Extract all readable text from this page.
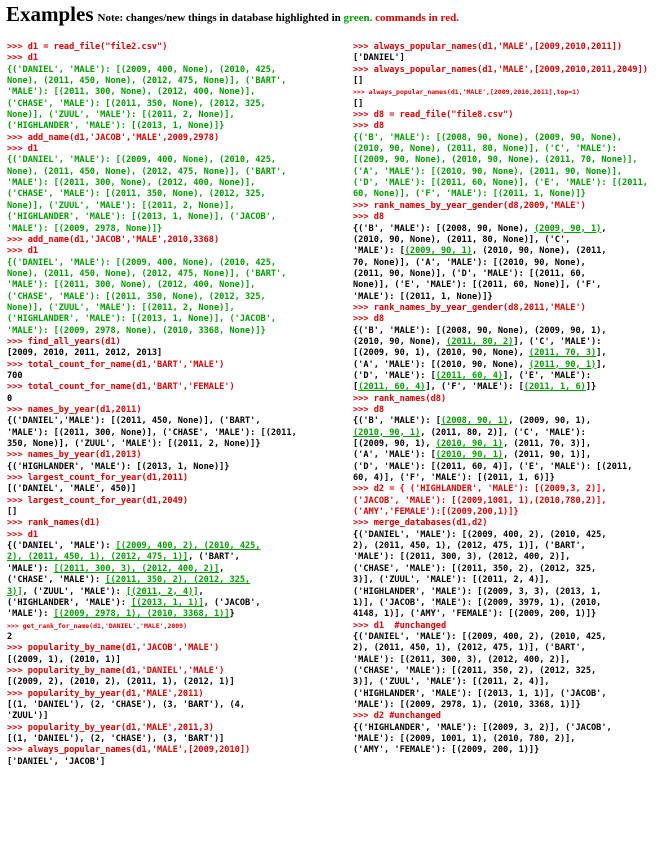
Examples Note: changes/new things in database highlighted in green. commands in red.
>>> d1 = read_file("file2.csv")
>>> d1
{('DANIEL', 'MALE'): [(2009, 400, None), (2010, 425,
None), (2011, 450, None), (2012, 475, None)], ('BART',
'MALE'): [(2011, 300, None), (2012, 400, None)],
('CHASE', 'MALE'): [(2011, 350, None), (2012, 325,
None)], ('ZUUL', 'MALE'): [(2011, 2, None)],
('HIGHLANDER', 'MALE'): [(2013, 1, None)]}
>>> add_name(d1,'JACOB','MALE',2009,2978)
>>> d1
{('DANIEL', 'MALE'): [(2009, 400, None), (2010, 425,
None), (2011, 450, None), (2012, 475, None)], ('BART',
'MALE'): [(2011, 300, None), (2012, 400, None)],
('CHASE', 'MALE'): [(2011, 350, None), (2012, 325,
None)], ('ZUUL', 'MALE'): [(2011, 2, None)],
('HIGHLANDER', 'MALE'): [(2013, 1, None)], ('JACOB',
'MALE'): [(2009, 2978, None)]}
>>> add_name(d1,'JACOB','MALE',2010,3368)
>>> d1
{('DANIEL', 'MALE'): [(2009, 400, None), (2010, 425,
None), (2011, 450, None), (2012, 475, None)], ('BART',
'MALE'): [(2011, 300, None), (2012, 400, None)],
('CHASE', 'MALE'): [(2011, 350, None), (2012, 325,
None)], ('ZUUL', 'MALE'): [(2011, 2, None)],
('HIGHLANDER', 'MALE'): [(2013, 1, None)], ('JACOB',
'MALE'): [(2009, 2978, None), (2010, 3368, None)]}
>>> find_all_years(d1)
[2009, 2010, 2011, 2012, 2013]
>>> total_count_for_name(d1,'BART','MALE')
700
>>> total_count_for_name(d1,'BART','FEMALE')
0
>>> names_by_year(d1,2011)
{('DANIEL','MALE'): [(2011, 450, None)], ('BART',
'MALE'): [(2011, 300, None)], ('CHASE', 'MALE'): [(2011,
350, None)], ('ZUUL', 'MALE'): [(2011, 2, None)]}
>>> names_by_year(d1,2013)
{('HIGHLANDER', 'MALE'): [(2013, 1, None)]}
>>> largest_count_for_year(d1,2011)
[('DANIEL', 'MALE', 450)]
>>> largest_count_for_year(d1,2049)
[]
>>> rank_names(d1)
>>> d1
{('DANIEL', 'MALE'): [(2009, 400, 2), (2010, 425,
2), (2011, 450, 1), (2012, 475, 1)], ('BART',
'MALE'): [(2011, 300, 3), (2012, 400, 2)],
('CHASE', 'MALE'): [(2011, 350, 2), (2012, 325,
3)], ('ZUUL', 'MALE'): [(2011, 2, 4)],
('HIGHLANDER', 'MALE'): [(2013, 1, 1)], ('JACOB',
'MALE'): [(2009, 2978, 1), (2010, 3368, 1)]}
>>> get_rank_for_name(d1,'DANIEL','MALE',2009)
2
>>> popularity_by_name(d1,'JACOB','MALE')
[(2009, 1), (2010, 1)]
>>> popularity_by_name(d1,'DANIEL','MALE')
[(2009, 2), (2010, 2), (2011, 1), (2012, 1)]
>>> popularity_by_year(d1,'MALE',2011)
[(1, 'DANIEL'), (2, 'CHASE'), (3, 'BART'), (4,
'ZUUL')]
>>> popularity_by_year(d1,'MALE',2011,3)
[(1, 'DANIEL'), (2, 'CHASE'), (3, 'BART')]
>>> always_popular_names(d1,'MALE',[2009,2010])
['DANIEL', 'JACOB']
>>> always_popular_names(d1,'MALE',[2009,2010,2011])
['DANIEL']
>>> always_popular_names(d1,'MALE',[2009,2010,2011,2049])
[]
>>> always_popular_names(d1,'MALE',[2009,2010,2011],top=1)
[]
>>> d8 = read_file("file8.csv")
>>> d8
{('B', 'MALE'): [(2008, 90, None), (2009, 90, None),
(2010, 90, None), (2011, 80, None)], ('C', 'MALE'):
[(2009, 90, None), (2010, 90, None), (2011, 70, None)],
('A', 'MALE'): [(2010, 90, None), (2011, 90, None)],
('D', 'MALE'): [(2011, 60, None)], ('E', 'MALE'): [(2011,
60, None)], ('F', 'MALE'): [(2011, 1, None)]}
>>> rank_names_by_year_gender(d8,2009,'MALE')
>>> d8
{('B', 'MALE'): [(2008, 90, None), (2009, 90, 1),
(2010, 90, None), (2011, 80, None)], ('C',
'MALE'): [(2009, 90, 1), (2010, 90, None), (2011,
70, None)], ('A', 'MALE'): [(2010, 90, None),
(2011, 90, None)], ('D', 'MALE'): [(2011, 60,
None)], ('E', 'MALE'): [(2011, 60, None)], ('F',
'MALE'): [(2011, 1, None)]}
>>> rank_names_by_year_gender(d8,2011,'MALE')
>>> d8
{('B', 'MALE'): [(2008, 90, None), (2009, 90, 1),
(2010, 90, None), (2011, 80, 2)], ('C', 'MALE'):
[(2009, 90, 1), (2010, 90, None), (2011, 70, 3)],
('A', 'MALE'): [(2010, 90, None), (2011, 90, 1)],
('D', 'MALE'): [(2011, 60, 4)], ('E', 'MALE'):
[(2011, 60, 4)], ('F', 'MALE'): [(2011, 1, 6)]}
>>> rank_names(d8)
>>> d8
{('B', 'MALE'): [(2008, 90, 1), (2009, 90, 1),
(2010, 90, 1), (2011, 80, 2)], ('C', 'MALE'):
[(2009, 90, 1), (2010, 90, 1), (2011, 70, 3)],
('A', 'MALE'): [(2010, 90, 1), (2011, 90, 1)],
('D', 'MALE'): [(2011, 60, 4)], ('E', 'MALE'): [(2011,
60, 4)], ('F', 'MALE'): [(2011, 1, 6)]}
>>> d2 = { ('HIGHLANDER', 'MALE'): [(2009,3, 2)],
('JACOB', 'MALE'): [(2009,1001, 1),(2010,780,2)],
('AMY','FEMALE'):[(2009,200,1)]}
>>> merge_databases(d1,d2)
{('DANIEL', 'MALE'): [(2009, 400, 2), (2010, 425,
2), (2011, 450, 1), (2012, 475, 1)], ('BART',
'MALE'): [(2011, 300, 3), (2012, 400, 2)],
('CHASE', 'MALE'): [(2011, 350, 2), (2012, 325,
3)], ('ZUUL', 'MALE'): [(2011, 2, 4)],
('HIGHLANDER', 'MALE'): [(2009, 3, 3), (2013, 1,
1)], ('JACOB', 'MALE'): [(2009, 3979, 1), (2010,
4148, 1)], ('AMY', 'FEMALE'): [(2009, 200, 1)]}
>>> d1  #unchanged
{('DANIEL', 'MALE'): [(2009, 400, 2), (2010, 425,
2), (2011, 450, 1), (2012, 475, 1)], ('BART',
'MALE'): [(2011, 300, 3), (2012, 400, 2)],
('CHASE', 'MALE'): [(2011, 350, 2), (2012, 325,
3)], ('ZUUL', 'MALE'): [(2011, 2, 4)],
('HIGHLANDER', 'MALE'): [(2013, 1, 1)], ('JACOB',
'MALE'): [(2009, 2978, 1), (2010, 3368, 1)]}
>>> d2 #unchanged
{('HIGHLANDER', 'MALE'): [(2009, 3, 2)], ('JACOB',
'MALE'): [(2009, 1001, 1), (2010, 780, 2)],
('AMY', 'FEMALE'): [(2009, 200, 1)]}
